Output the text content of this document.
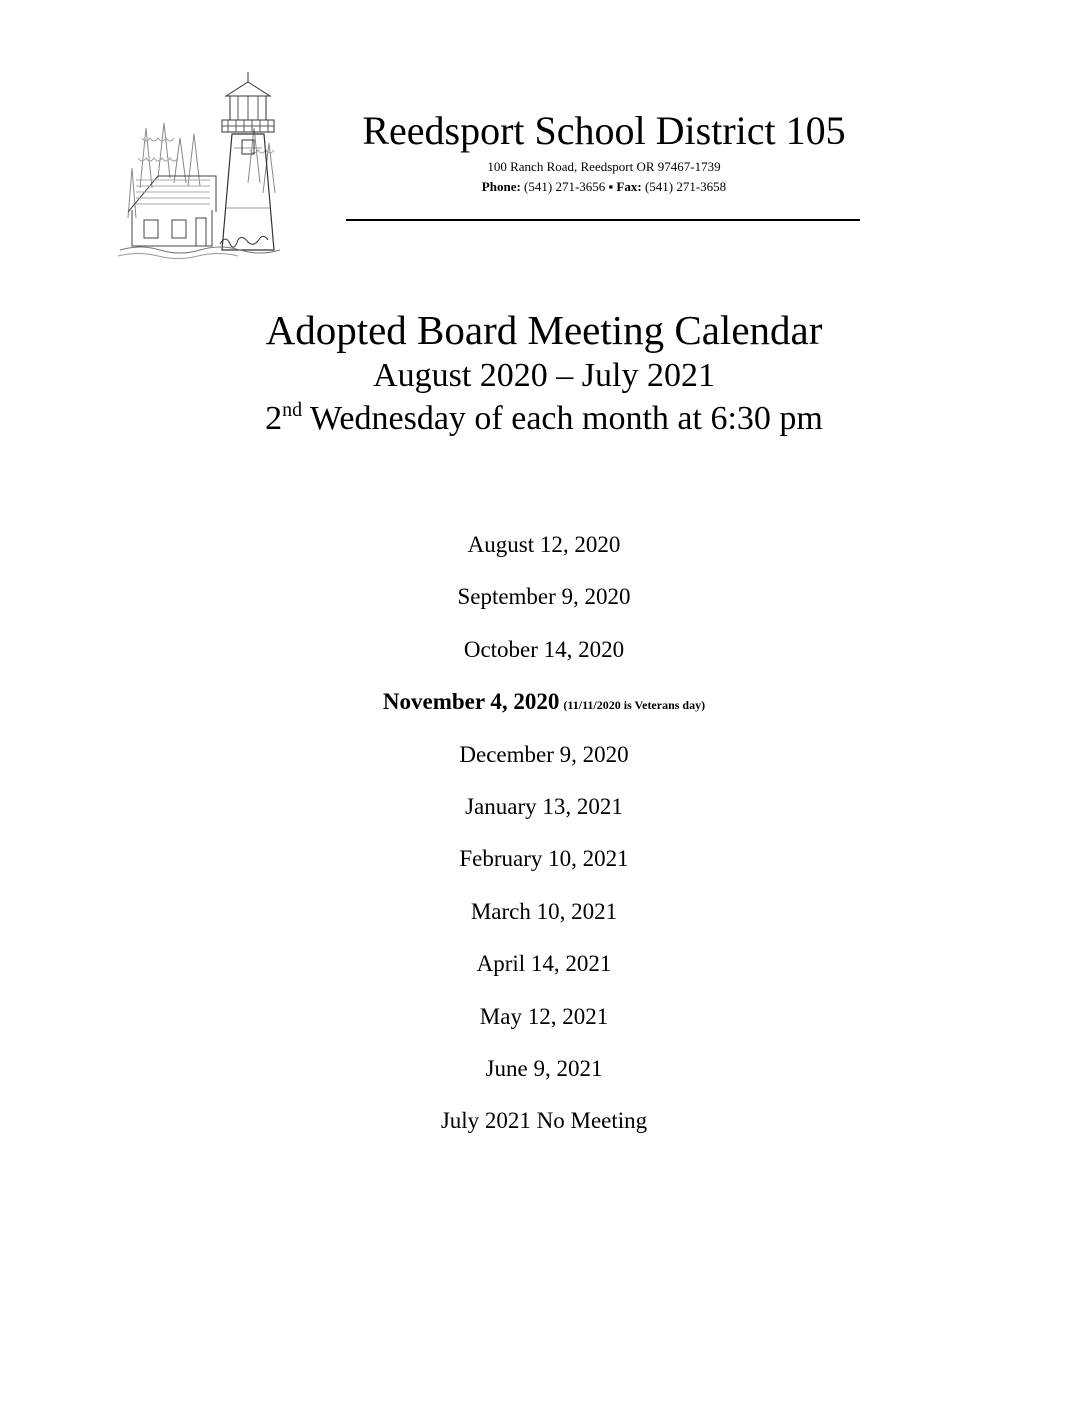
Reedsport School District 105
100 Ranch Road, Reedsport OR 97467-1739
Phone: (541) 271-3656 ▪ Fax: (541) 271-3658
Adopted Board Meeting Calendar
August 2020 – July 2021
2nd Wednesday of each month at 6:30 pm
August 12, 2020
September 9, 2020
October 14, 2020
November 4, 2020 (11/11/2020 is Veterans day)
December 9, 2020
January 13, 2021
February 10, 2021
March 10, 2021
April 14, 2021
May 12, 2021
June 9, 2021
July 2021 No Meeting
